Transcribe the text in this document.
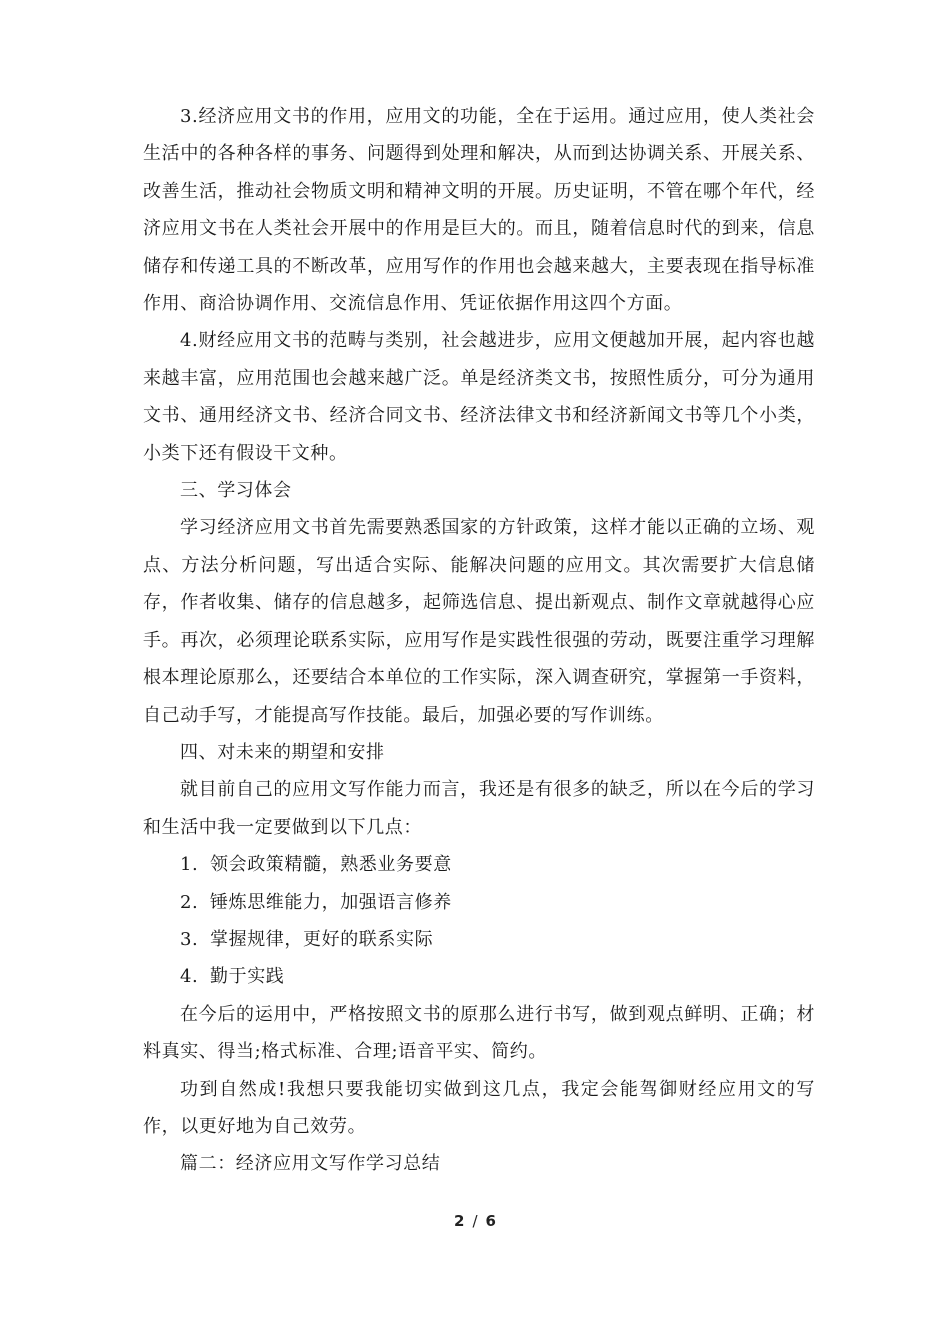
3.经济应用文书的作用，应用文的功能，全在于运用。通过应用，使人类社会生活中的各种各样的事务、问题得到处理和解决，从而到达协调关系、开展关系、改善生活，推动社会物质文明和精神文明的开展。历史证明，不管在哪个年代，经济应用文书在人类社会开展中的作用是巨大的。而且，随着信息时代的到来，信息储存和传递工具的不断改革，应用写作的作用也会越来越大，主要表现在指导标准作用、商洽协调作用、交流信息作用、凭证依据作用这四个方面。

4.财经应用文书的范畴与类别，社会越进步，应用文便越加开展，起内容也越来越丰富，应用范围也会越来越广泛。单是经济类文书，按照性质分，可分为通用文书、通用经济文书、经济合同文书、经济法律文书和经济新闻文书等几个小类，小类下还有假设干文种。

三、学习体会

学习经济应用文书首先需要熟悉国家的方针政策，这样才能以正确的立场、观点、方法分析问题，写出适合实际、能解决问题的应用文。其次需要扩大信息储存，作者收集、储存的信息越多，起筛选信息、提出新观点、制作文章就越得心应手。再次，必须理论联系实际，应用写作是实践性很强的劳动，既要注重学习理解根本理论原那么，还要结合本单位的工作实际，深入调查研究，掌握第一手资料，自己动手写，才能提高写作技能。最后，加强必要的写作训练。

四、对未来的期望和安排

就目前自己的应用文写作能力而言，我还是有很多的缺乏，所以在今后的学习和生活中我一定要做到以下几点：

1. 领会政策精髓，熟悉业务要意

2. 锤炼思维能力，加强语言修养

3. 掌握规律，更好的联系实际

4. 勤于实践

在今后的运用中，严格按照文书的原那么进行书写，做到观点鲜明、正确；材料真实、得当;格式标准、合理;语音平实、简约。

功到自然成!我想只要我能切实做到这几点，我定会能驾御财经应用文的写作，以更好地为自己效劳。

篇二：经济应用文写作学习总结

2 / 6
